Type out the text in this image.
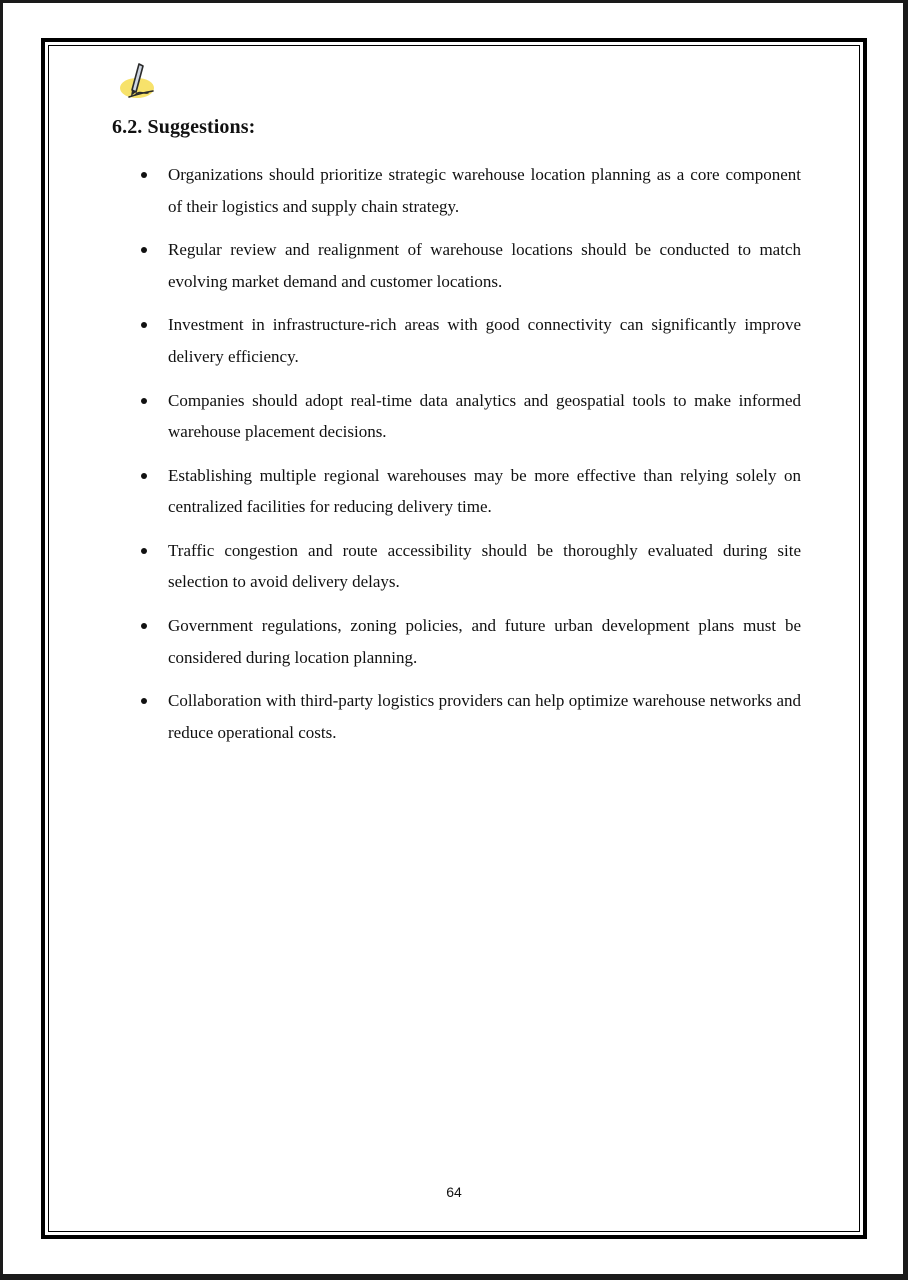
6.2. Suggestions:
Organizations should prioritize strategic warehouse location planning as a core component of their logistics and supply chain strategy.
Regular review and realignment of warehouse locations should be conducted to match evolving market demand and customer locations.
Investment in infrastructure-rich areas with good connectivity can significantly improve delivery efficiency.
Companies should adopt real-time data analytics and geospatial tools to make informed warehouse placement decisions.
Establishing multiple regional warehouses may be more effective than relying solely on centralized facilities for reducing delivery time.
Traffic congestion and route accessibility should be thoroughly evaluated during site selection to avoid delivery delays.
Government regulations, zoning policies, and future urban development plans must be considered during location planning.
Collaboration with third-party logistics providers can help optimize warehouse networks and reduce operational costs.
64
